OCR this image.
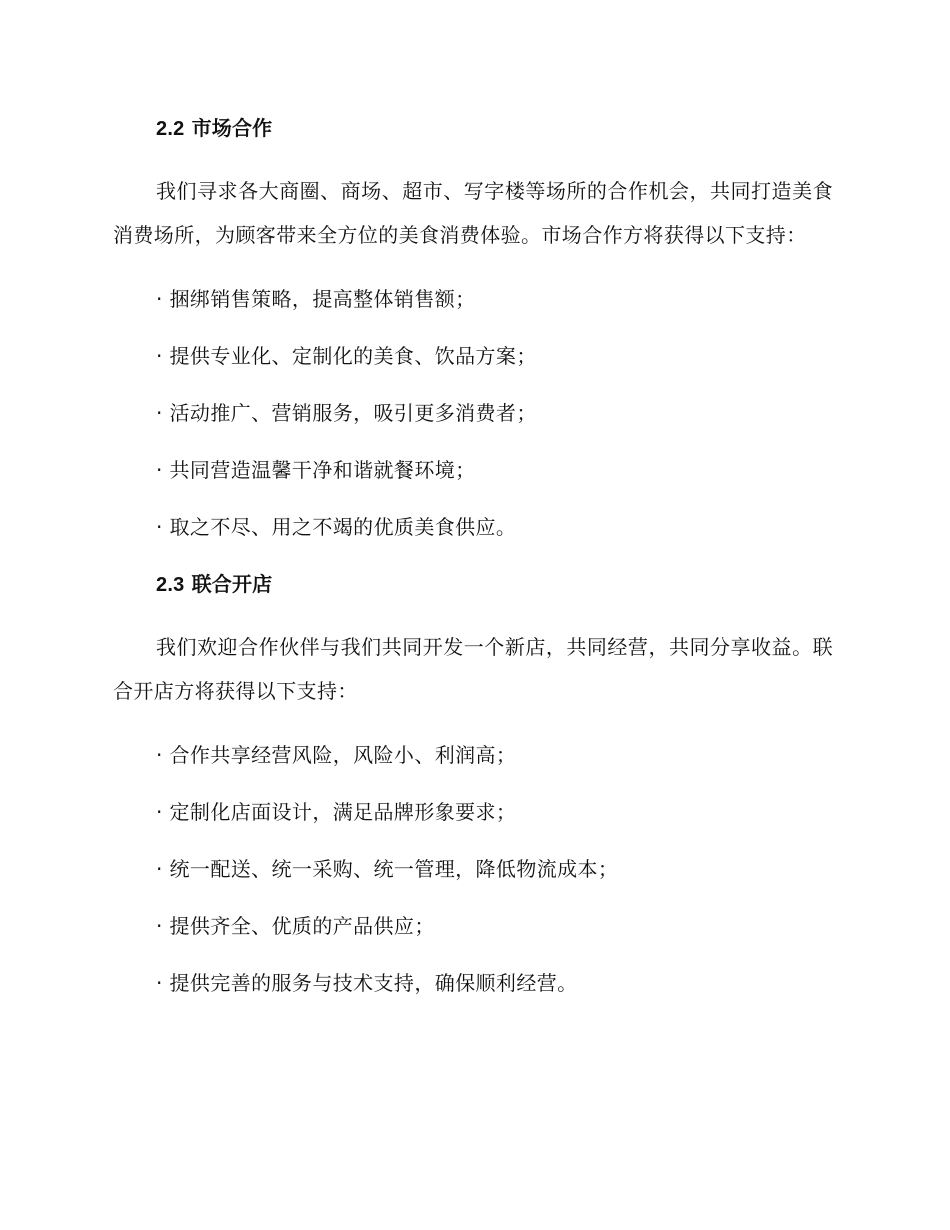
2.2 市场合作

我们寻求各大商圈、商场、超市、写字楼等场所的合作机会，共同打造美食消费场所，为顾客带来全方位的美食消费体验。市场合作方将获得以下支持：

· 捆绑销售策略，提高整体销售额；
· 提供专业化、定制化的美食、饮品方案；
· 活动推广、营销服务，吸引更多消费者；
· 共同营造温馨干净和谐就餐环境；
· 取之不尽、用之不竭的优质美食供应。
2.3 联合开店

我们欢迎合作伙伴与我们共同开发一个新店，共同经营，共同分享收益。联合开店方将获得以下支持：

· 合作共享经营风险，风险小、利润高；
· 定制化店面设计，满足品牌形象要求；
· 统一配送、统一采购、统一管理，降低物流成本；
· 提供齐全、优质的产品供应；
· 提供完善的服务与技术支持，确保顺利经营。
